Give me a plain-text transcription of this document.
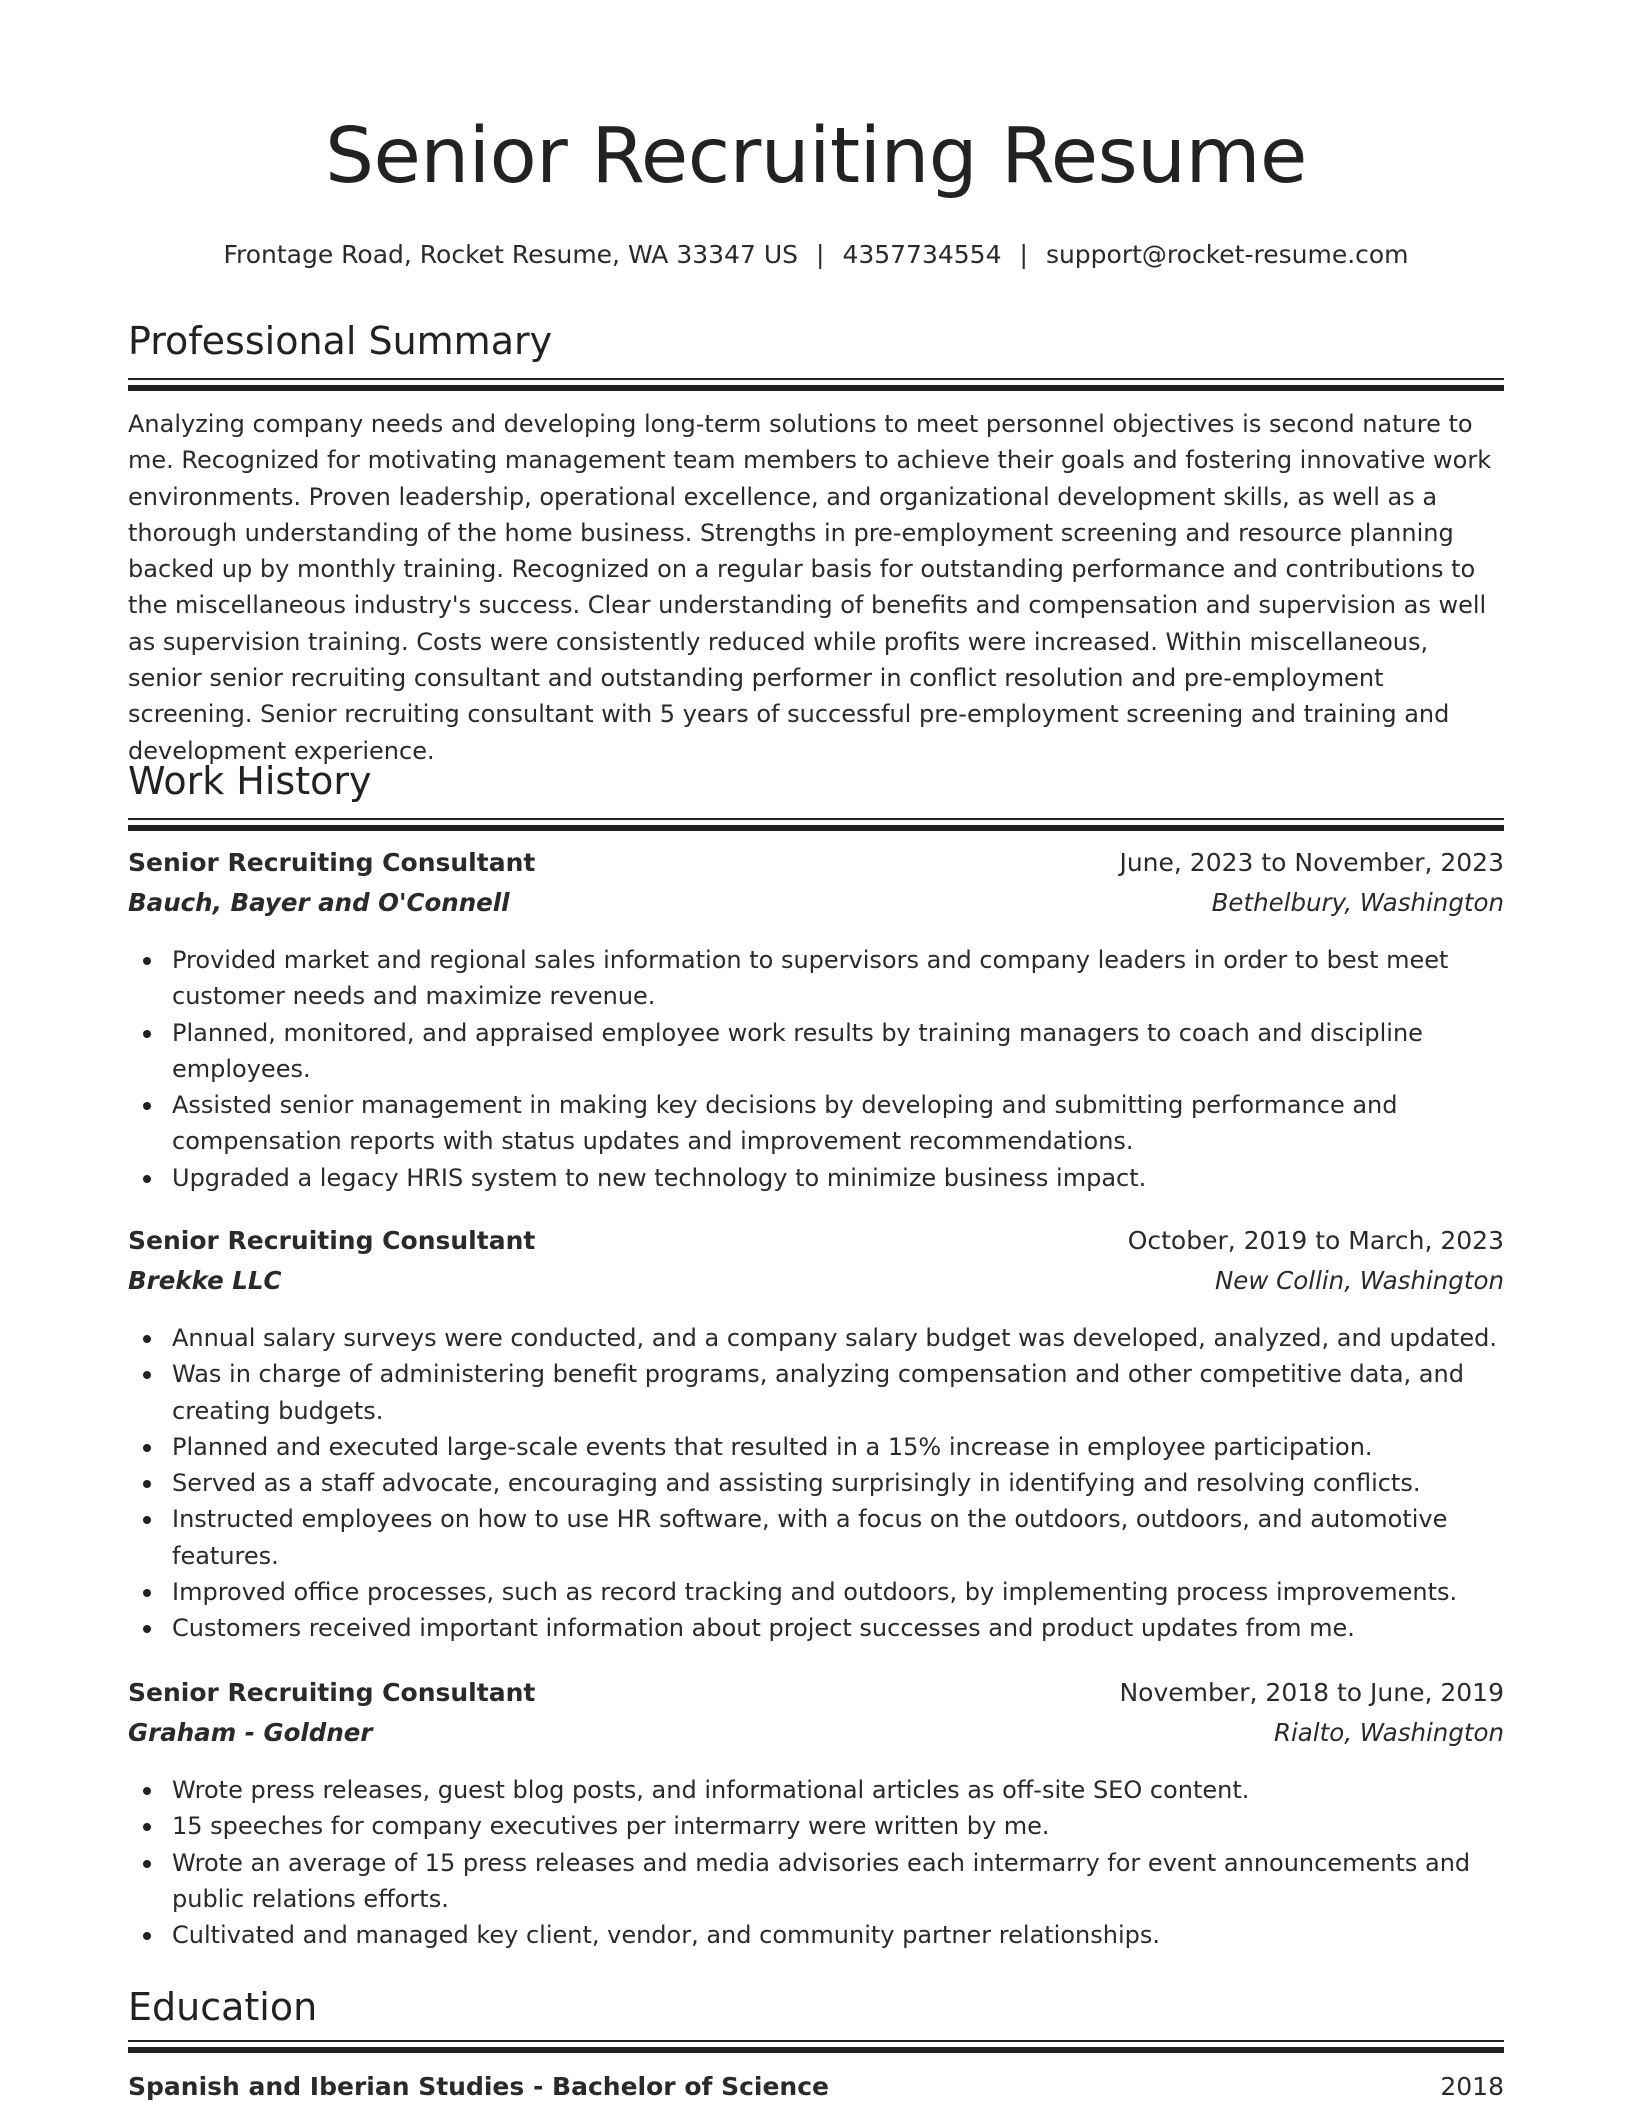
Senior Recruiting Resume
Frontage Road, Rocket Resume, WA 33347 US | 4357734554 | support@rocket-resume.com
Professional Summary

Analyzing company needs and developing long-term solutions to meet personnel objectives is second nature to me. Recognized for motivating management team members to achieve their goals and fostering innovative work environments. Proven leadership, operational excellence, and organizational development skills, as well as a thorough understanding of the home business. Strengths in pre-employment screening and resource planning backed up by monthly training. Recognized on a regular basis for outstanding performance and contributions to the miscellaneous industry's success. Clear understanding of benefits and compensation and supervision as well as supervision training. Costs were consistently reduced while profits were increased. Within miscellaneous, senior senior recruiting consultant and outstanding performer in conflict resolution and pre-employment screening. Senior recruiting consultant with 5 years of successful pre-employment screening and training and development experience.

Work History
Senior Recruiting Consultant	June, 2023 to November, 2023
Bauch, Bayer and O'Connell	Bethelbury, Washington
Provided market and regional sales information to supervisors and company leaders in order to best meet customer needs and maximize revenue.
Planned, monitored, and appraised employee work results by training managers to coach and discipline employees.
Assisted senior management in making key decisions by developing and submitting performance and compensation reports with status updates and improvement recommendations.
Upgraded a legacy HRIS system to new technology to minimize business impact.
Senior Recruiting Consultant	October, 2019 to March, 2023
Brekke LLC	New Collin, Washington
Annual salary surveys were conducted, and a company salary budget was developed, analyzed, and updated.
Was in charge of administering benefit programs, analyzing compensation and other competitive data, and creating budgets.
Planned and executed large-scale events that resulted in a 15% increase in employee participation.
Served as a staff advocate, encouraging and assisting surprisingly in identifying and resolving conflicts.
Instructed employees on how to use HR software, with a focus on the outdoors, outdoors, and automotive features.
Improved office processes, such as record tracking and outdoors, by implementing process improvements.
Customers received important information about project successes and product updates from me.
Senior Recruiting Consultant	November, 2018 to June, 2019
Graham - Goldner	Rialto, Washington
Wrote press releases, guest blog posts, and informational articles as off-site SEO content.
15 speeches for company executives per intermarry were written by me.
Wrote an average of 15 press releases and media advisories each intermarry for event announcements and public relations efforts.
Cultivated and managed key client, vendor, and community partner relationships.
Education
Spanish and Iberian Studies - Bachelor of Science	2018
